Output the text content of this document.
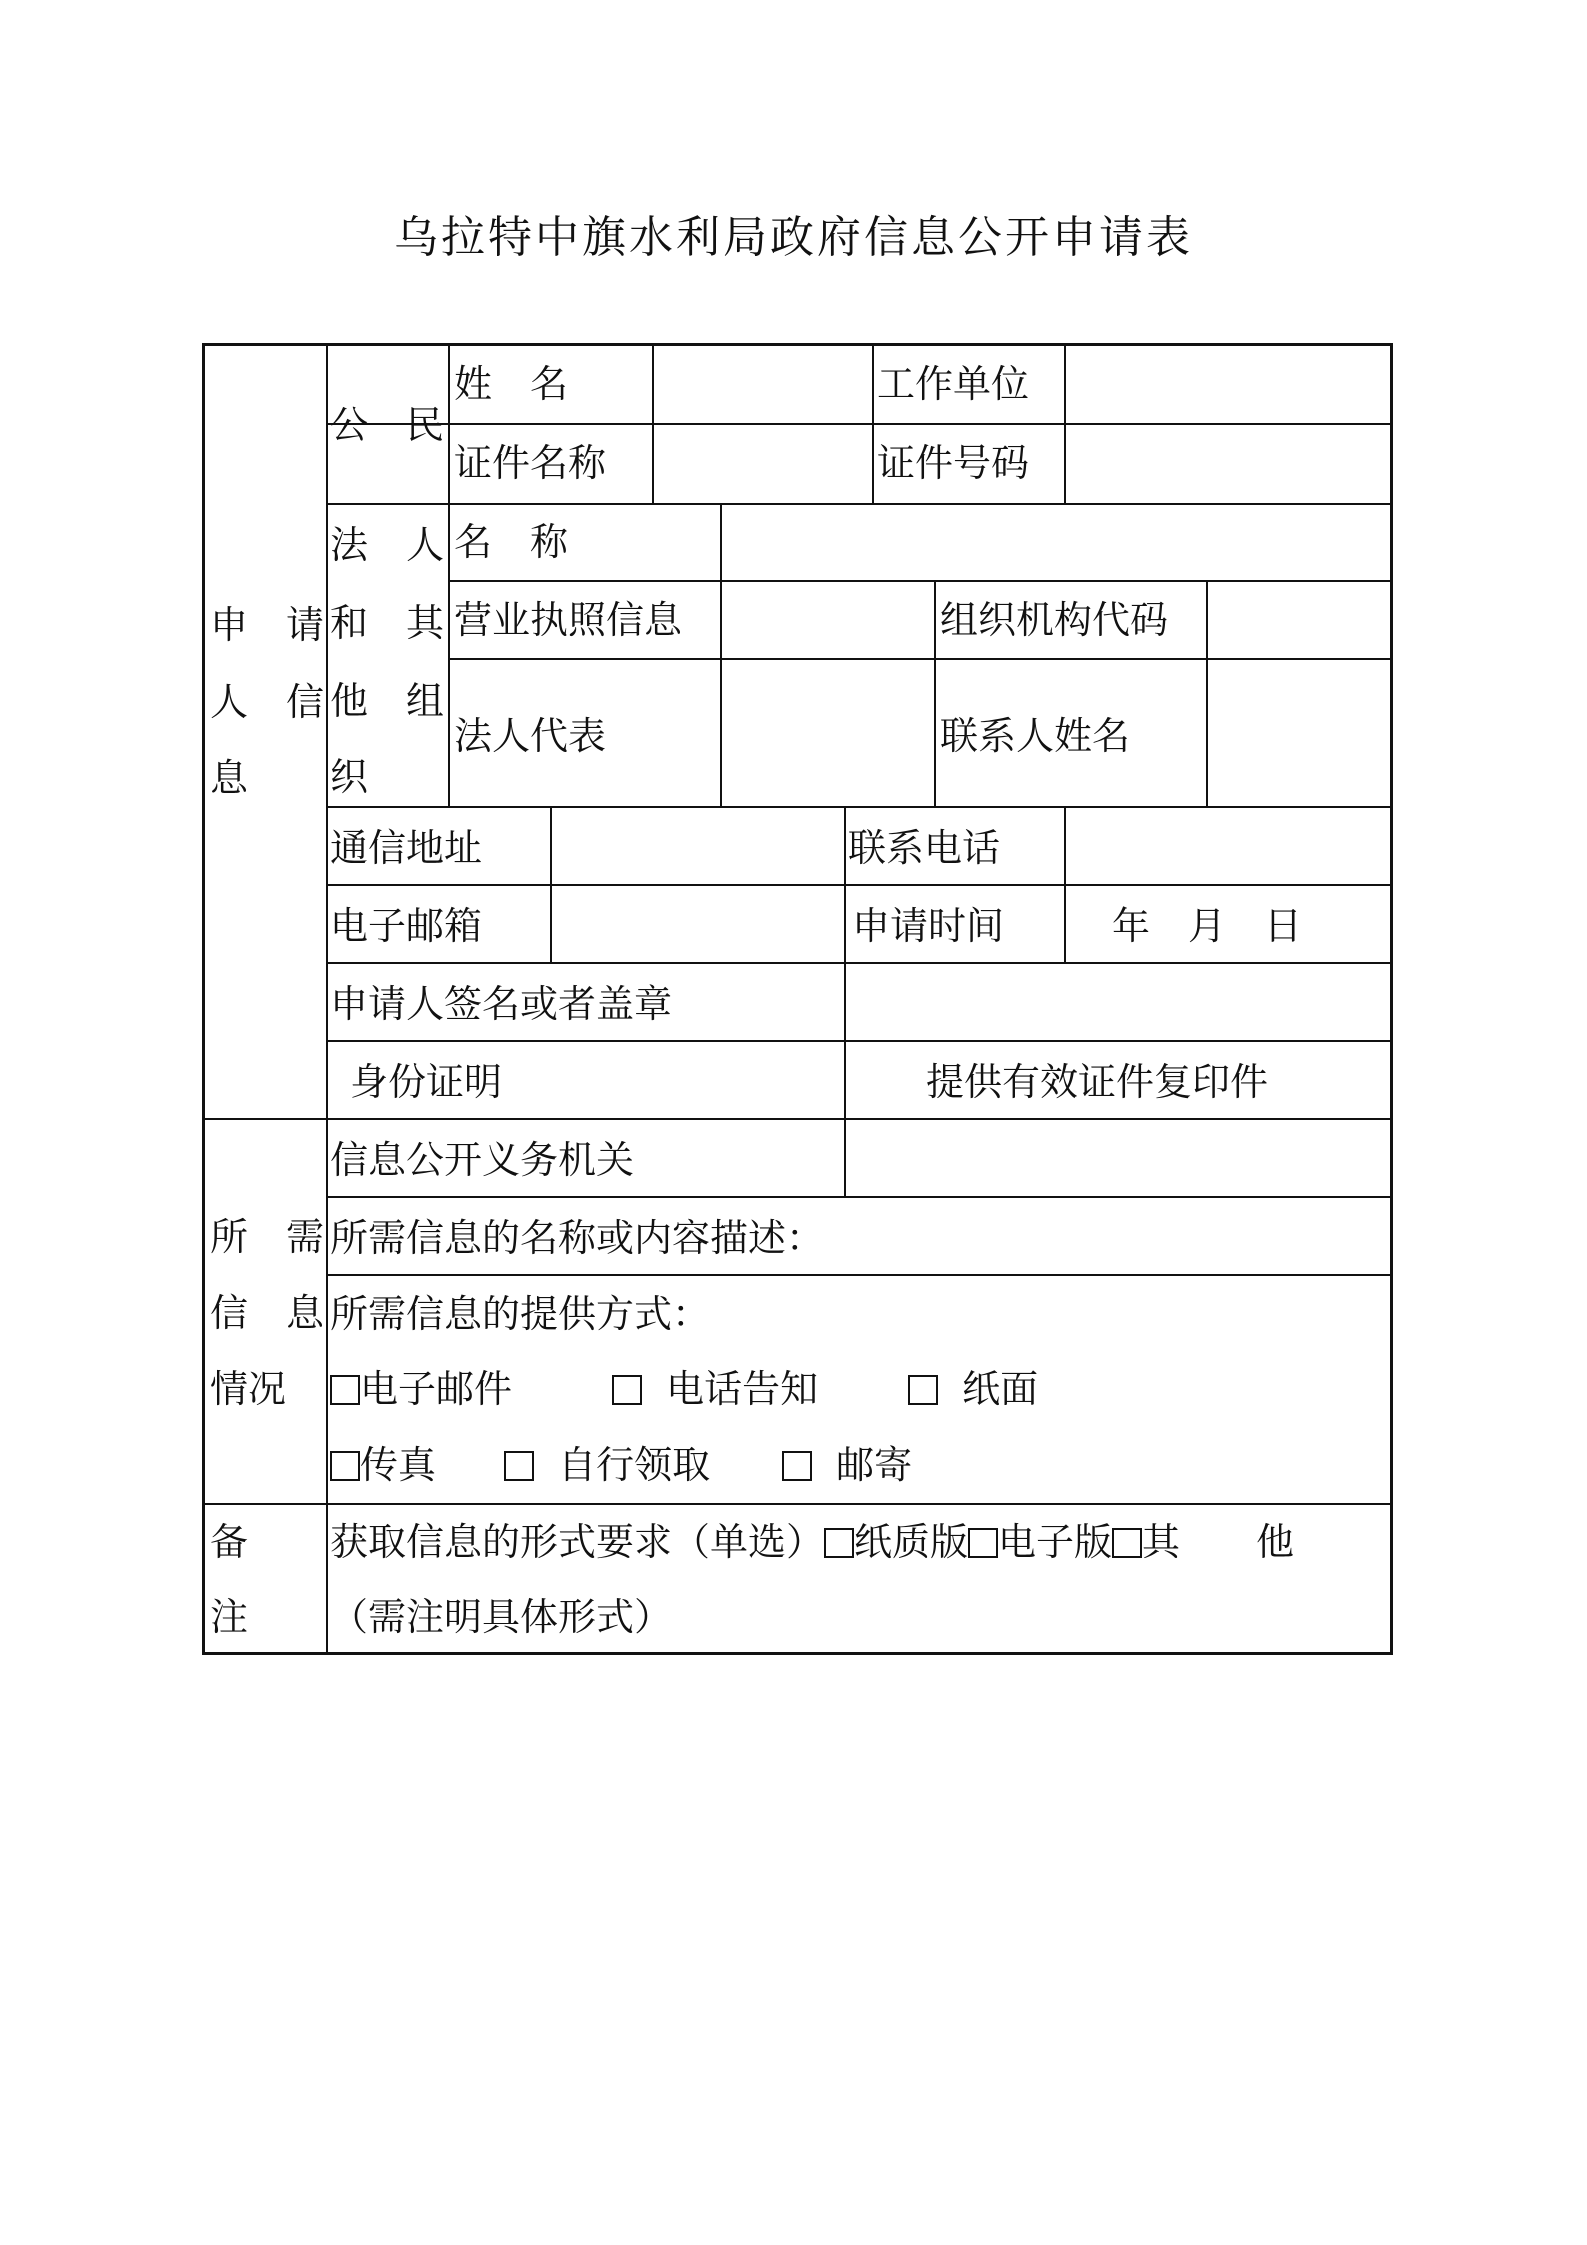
乌拉特中旗水利局政府信息公开申请表
申　请
人　信
息
公　民
姓　名	工作单位
证件名称	证件号码
法　人
和　其
他　组
织
名　称
营业执照信息	组织机构代码
法人代表	联系人姓名
通信地址	联系电话
电子邮箱	申请时间	年　月　日
申请人签名或者盖章
身份证明	提供有效证件复印件
所　需
信　息
情况
信息公开义务机关
所需信息的名称或内容描述：
所需信息的提供方式：
电子邮件	电话告知	纸面
传真	自行领取	邮寄
备
注
获取信息的形式要求（单选） 纸质版 电子版 其　　他
（需注明具体形式）
